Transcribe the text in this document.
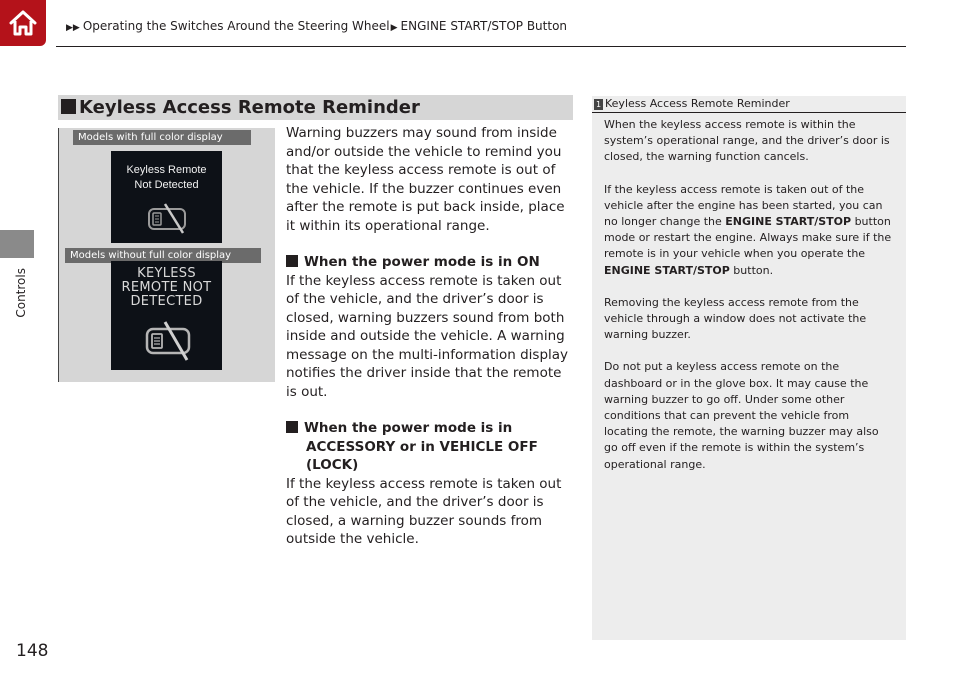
▶▶ Operating the Switches Around the Steering Wheel▶ ENGINE START/STOP Button
Controls
148
Keyless Access Remote Reminder
Models with full color display
Keyless Remote
Not Detected
Models without full color display
KEYLESS
REMOTE NOT
DETECTED

Warning buzzers may sound from inside and/or outside the vehicle to remind you that the keyless access remote is out of the vehicle. If the buzzer continues even after the remote is put back inside, place it within its operational range.

When the power mode is in ON

If the keyless access remote is taken out of the vehicle, and the driver’s door is closed, warning buzzers sound from both inside and outside the vehicle. A warning message on the multi-information display notifies the driver inside that the remote is out.

When the power mode is in ACCESSORY or in VEHICLE OFF (LOCK)

If the keyless access remote is taken out of the vehicle, and the driver’s door is closed, a warning buzzer sounds from outside the vehicle.

1 Keyless Access Remote Reminder

When the keyless access remote is within the system’s operational range, and the driver’s door is closed, the warning function cancels.

If the keyless access remote is taken out of the vehicle after the engine has been started, you can no longer change the ENGINE START/STOP button mode or restart the engine. Always make sure if the remote is in your vehicle when you operate the ENGINE START/STOP button.

Removing the keyless access remote from the vehicle through a window does not activate the warning buzzer.

Do not put a keyless access remote on the dashboard or in the glove box. It may cause the warning buzzer to go off. Under some other conditions that can prevent the vehicle from locating the remote, the warning buzzer may also go off even if the remote is within the system’s operational range.
